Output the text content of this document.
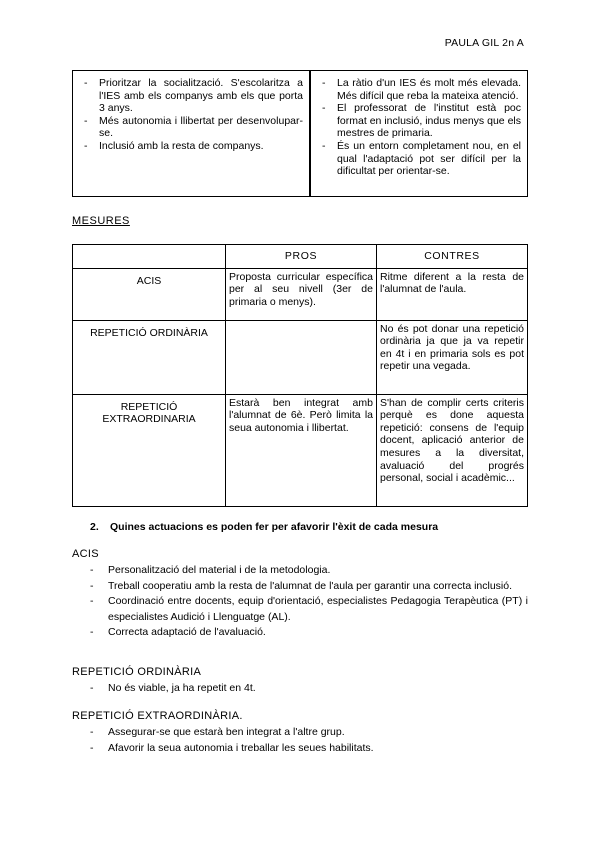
PAULA GIL 2n A
- Prioritzar la socialització. S'escolaritza a l'IES amb els companys amb els que porta 3 anys.
- Més autonomia i llibertat per desenvolupar-se.
- Inclusió amb la resta de companys.

- La ràtio d'un IES és molt més elevada. Més difícil que reba la mateixa atenció.
- El professorat de l'institut està poc format en inclusió, indus menys que els mestres de primaria.
- És un entorn completament nou, en el qual l'adaptació pot ser difícil per la dificultat per orientar-se.
MESURES
	PROS	CONTRES
ACIS	Proposta curricular específica per al seu nivell (3er de primaria o menys).	Ritme diferent a la resta de l'alumnat de l'aula.
REPETICIÓ ORDINÀRIA		No és pot donar una repetició ordinària ja que ja va repetir en 4t i en primaria sols es pot repetir una vegada.
REPETICIÓ EXTRAORDINARIA	Estarà ben integrat amb l'alumnat de 6è. Però limita la seua autonomia i llibertat.	S'han de complir certs criteris perquè es done aquesta repetició: consens de l'equip docent, aplicació anterior de mesures a la diversitat, avaluació del progrés personal, social i acadèmic...
2. Quines actuacions es poden fer per afavorir l'èxit de cada mesura
ACIS
- Personalització del material i de la metodologia.
- Treball cooperatiu amb la resta de l'alumnat de l'aula per garantir una correcta inclusió.
- Coordinació entre docents, equip d'orientació, especialistes Pedagogia Terapèutica (PT) i especialistes Audició i Llenguatge (AL).
- Correcta adaptació de l'avaluació.
REPETICIÓ ORDINÀRIA
- No és viable, ja ha repetit en 4t.
REPETICIÓ EXTRAORDINÀRIA.
- Assegurar-se que estarà ben integrat a l'altre grup.
- Afavorir la seua autonomia i treballar les seues habilitats.
